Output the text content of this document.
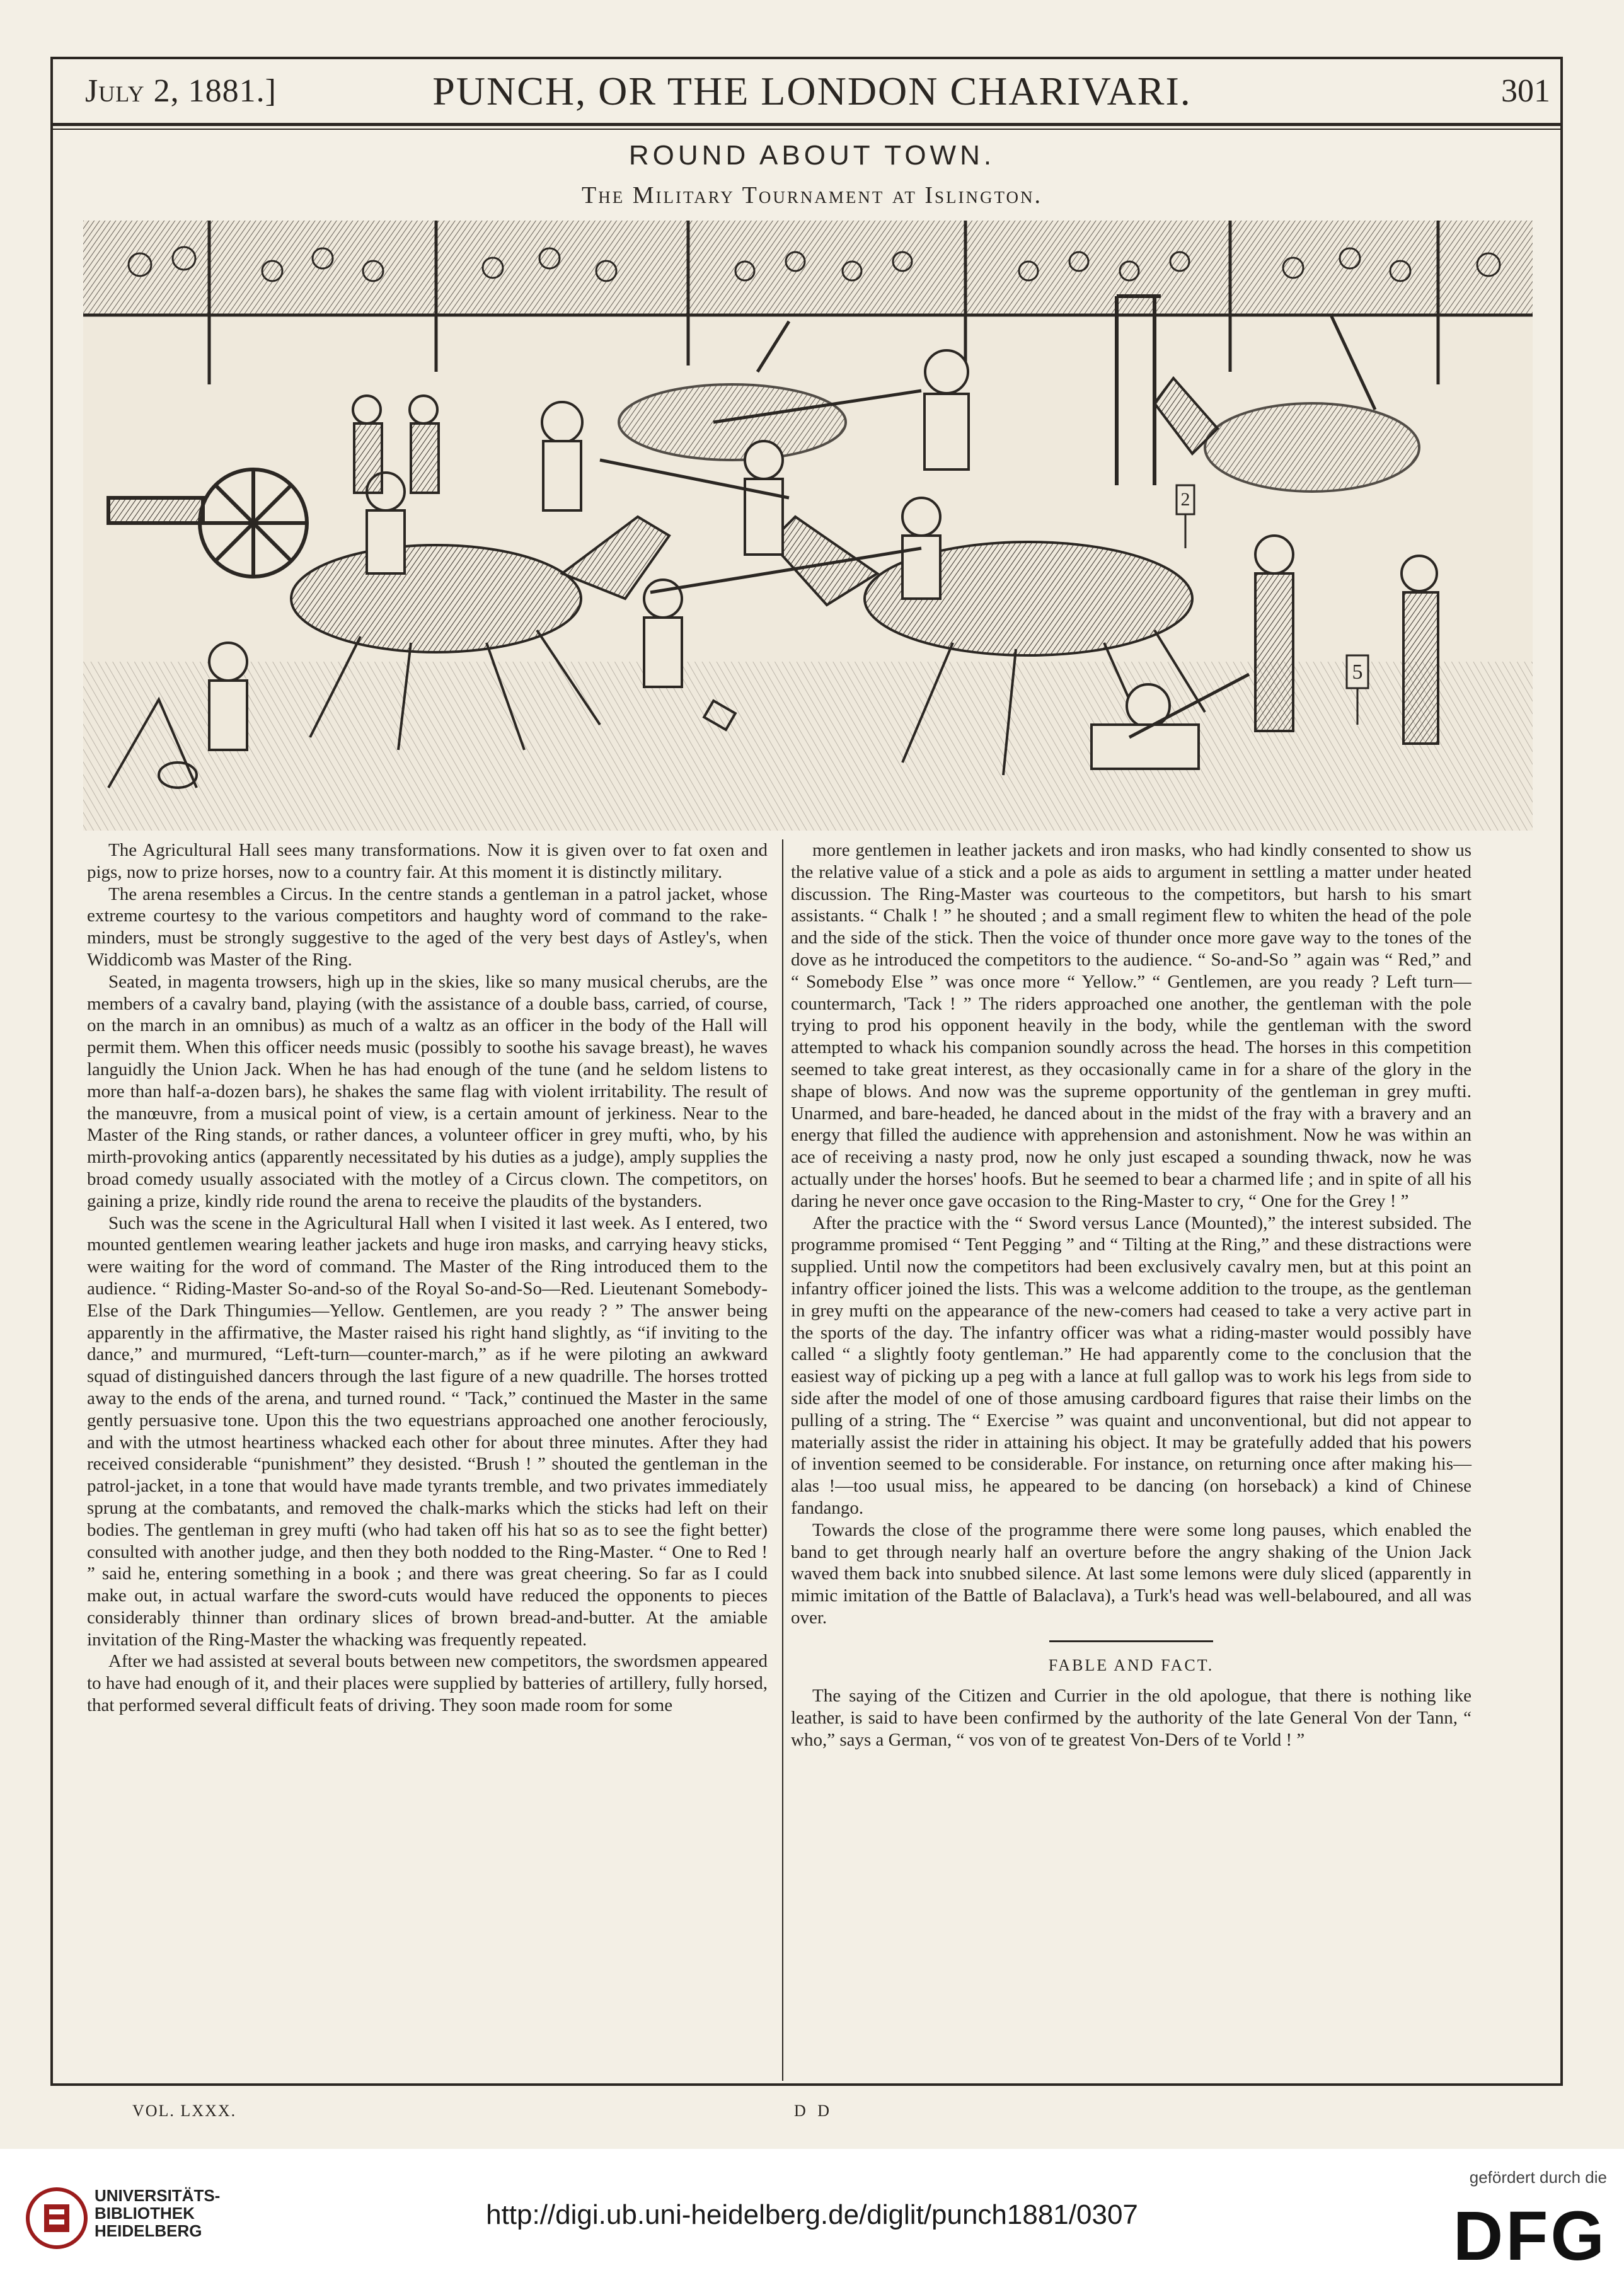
July 2, 1881.]	PUNCH, OR THE LONDON CHARIVARI.	301
ROUND ABOUT TOWN.
The Military Tournament at Islington.
2
5

The Agricultural Hall sees many transformations. Now it is given over to fat oxen and pigs, now to prize horses, now to a country fair. At this moment it is distinctly military.

The arena resembles a Circus. In the centre stands a gentleman in a patrol jacket, whose extreme courtesy to the various competitors and haughty word of command to the rake-minders, must be strongly suggestive to the aged of the very best days of Astley's, when Widdicomb was Master of the Ring.

Seated, in magenta trowsers, high up in the skies, like so many musical cherubs, are the members of a cavalry band, playing (with the assistance of a double bass, carried, of course, on the march in an omnibus) as much of a waltz as an officer in the body of the Hall will permit them. When this officer needs music (possibly to soothe his savage breast), he waves languidly the Union Jack. When he has had enough of the tune (and he seldom listens to more than half-a-dozen bars), he shakes the same flag with violent irritability. The result of the manœuvre, from a musical point of view, is a certain amount of jerkiness. Near to the Master of the Ring stands, or rather dances, a volunteer officer in grey mufti, who, by his mirth-provoking antics (apparently necessitated by his duties as a judge), amply supplies the broad comedy usually associated with the motley of a Circus clown. The competitors, on gaining a prize, kindly ride round the arena to receive the plaudits of the bystanders.

Such was the scene in the Agricultural Hall when I visited it last week. As I entered, two mounted gentlemen wearing leather jackets and huge iron masks, and carrying heavy sticks, were waiting for the word of command. The Master of the Ring introduced them to the audience. “ Riding-Master So-and-so of the Royal So-and-So—Red. Lieutenant Somebody-Else of the Dark Thingumies—Yellow. Gentlemen, are you ready ? ” The answer being apparently in the affirmative, the Master raised his right hand slightly, as “if inviting to the dance,” and murmured, “Left-turn—counter-march,” as if he were piloting an awkward squad of distinguished dancers through the last figure of a new quadrille. The horses trotted away to the ends of the arena, and turned round. “ 'Tack,” continued the Master in the same gently persuasive tone. Upon this the two equestrians approached one another ferociously, and with the utmost heartiness whacked each other for about three minutes. After they had received considerable “punishment” they desisted. “Brush ! ” shouted the gentleman in the patrol-jacket, in a tone that would have made tyrants tremble, and two privates immediately sprung at the combatants, and removed the chalk-marks which the sticks had left on their bodies. The gentleman in grey mufti (who had taken off his hat so as to see the fight better) consulted with another judge, and then they both nodded to the Ring-Master. “ One to Red ! ” said he, entering something in a book ; and there was great cheering. So far as I could make out, in actual warfare the sword-cuts would have reduced the opponents to pieces considerably thinner than ordinary slices of brown bread-and-butter. At the amiable invitation of the Ring-Master the whacking was frequently repeated.

After we had assisted at several bouts between new competitors, the swordsmen appeared to have had enough of it, and their places were supplied by batteries of artillery, fully horsed, that performed several difficult feats of driving. They soon made room for some

more gentlemen in leather jackets and iron masks, who had kindly consented to show us the relative value of a stick and a pole as aids to argument in settling a matter under heated discussion. The Ring-Master was courteous to the competitors, but harsh to his smart assistants. “ Chalk ! ” he shouted ; and a small regiment flew to whiten the head of the pole and the side of the stick. Then the voice of thunder once more gave way to the tones of the dove as he introduced the competitors to the audience. “ So-and-So ” again was “ Red,” and “ Somebody Else ” was once more “ Yellow.” “ Gentlemen, are you ready ? Left turn—countermarch, 'Tack ! ” The riders approached one another, the gentleman with the pole trying to prod his opponent heavily in the body, while the gentleman with the sword attempted to whack his companion soundly across the head. The horses in this competition seemed to take great interest, as they occasionally came in for a share of the glory in the shape of blows. And now was the supreme opportunity of the gentleman in grey mufti. Unarmed, and bare-headed, he danced about in the midst of the fray with a bravery and an energy that filled the audience with apprehension and astonishment. Now he was within an ace of receiving a nasty prod, now he only just escaped a sounding thwack, now he was actually under the horses' hoofs. But he seemed to bear a charmed life ; and in spite of all his daring he never once gave occasion to the Ring-Master to cry, “ One for the Grey ! ”

After the practice with the “ Sword versus Lance (Mounted),” the interest subsided. The programme promised “ Tent Pegging ” and “ Tilting at the Ring,” and these distractions were supplied. Until now the competitors had been exclusively cavalry men, but at this point an infantry officer joined the lists. This was a welcome addition to the troupe, as the gentleman in grey mufti on the appearance of the new-comers had ceased to take a very active part in the sports of the day. The infantry officer was what a riding-master would possibly have called “ a slightly footy gentleman.” He had apparently come to the conclusion that the easiest way of picking up a peg with a lance at full gallop was to work his legs from side to side after the model of one of those amusing cardboard figures that raise their limbs on the pulling of a string. The “ Exercise ” was quaint and unconventional, but did not appear to materially assist the rider in attaining his object. It may be gratefully added that his powers of invention seemed to be considerable. For instance, on returning once after making his—alas !—too usual miss, he appeared to be dancing (on horseback) a kind of Chinese fandango.

Towards the close of the programme there were some long pauses, which enabled the band to get through nearly half an overture before the angry shaking of the Union Jack waved them back into snubbed silence. At last some lemons were duly sliced (apparently in mimic imitation of the Battle of Balaclava), a Turk's head was well-belaboured, and all was over.

FABLE AND FACT.

The saying of the Citizen and Currier in the old apologue, that there is nothing like leather, is said to have been confirmed by the authority of the late General Von der Tann, “ who,” says a German, “ vos von of te greatest Von-Ders of te Vorld ! ”

VOL. LXXX.	D D
UNIVERSITÄTS-
BIBLIOTHEK
HEIDELBERG
http://digi.ub.uni-heidelberg.de/diglit/punch1881/0307
gefördert durch die
DFG
